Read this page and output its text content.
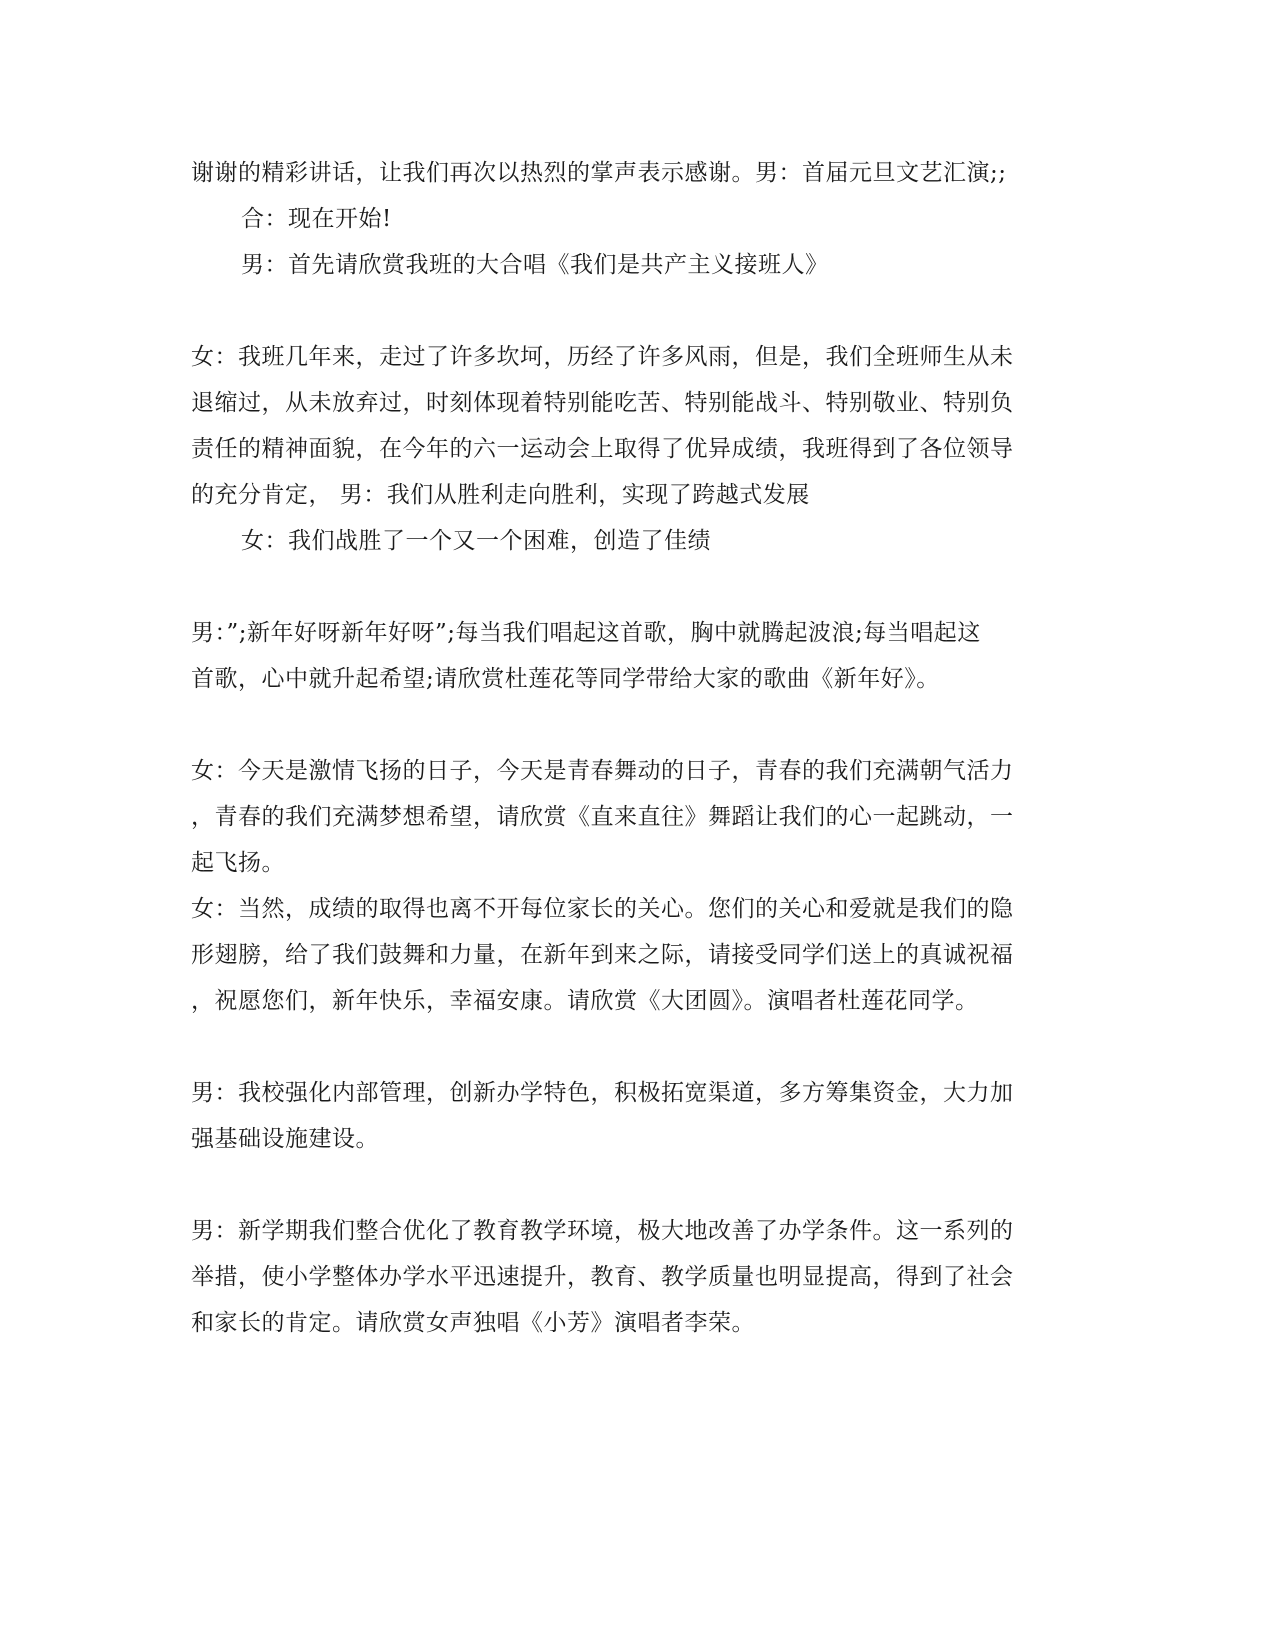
谢谢的精彩讲话，让我们再次以热烈的掌声表示感谢。男：首届元旦文艺汇演;;
合：现在开始!
男：首先请欣赏我班的大合唱《我们是共产主义接班人》
女：我班几年来，走过了许多坎坷，历经了许多风雨，但是，我们全班师生从未
退缩过，从未放弃过，时刻体现着特别能吃苦、特别能战斗、特别敬业、特别负
责任的精神面貌，在今年的六一运动会上取得了优异成绩，我班得到了各位领导
的充分肯定， 男：我们从胜利走向胜利，实现了跨越式发展
女：我们战胜了一个又一个困难，创造了佳绩
男：”;新年好呀新年好呀”;每当我们唱起这首歌，胸中就腾起波浪;每当唱起这
首歌，心中就升起希望;请欣赏杜莲花等同学带给大家的歌曲《新年好》。
女：今天是激情飞扬的日子，今天是青春舞动的日子，青春的我们充满朝气活力
，青春的我们充满梦想希望，请欣赏《直来直往》舞蹈让我们的心一起跳动，一
起飞扬。
女：当然，成绩的取得也离不开每位家长的关心。您们的关心和爱就是我们的隐
形翅膀，给了我们鼓舞和力量，在新年到来之际，请接受同学们送上的真诚祝福
，祝愿您们，新年快乐，幸福安康。请欣赏《大团圆》。演唱者杜莲花同学。
男：我校强化内部管理，创新办学特色，积极拓宽渠道，多方筹集资金，大力加
强基础设施建设。
男：新学期我们整合优化了教育教学环境，极大地改善了办学条件。这一系列的
举措，使小学整体办学水平迅速提升，教育、教学质量也明显提高，得到了社会
和家长的肯定。请欣赏女声独唱《小芳》演唱者李荣。
